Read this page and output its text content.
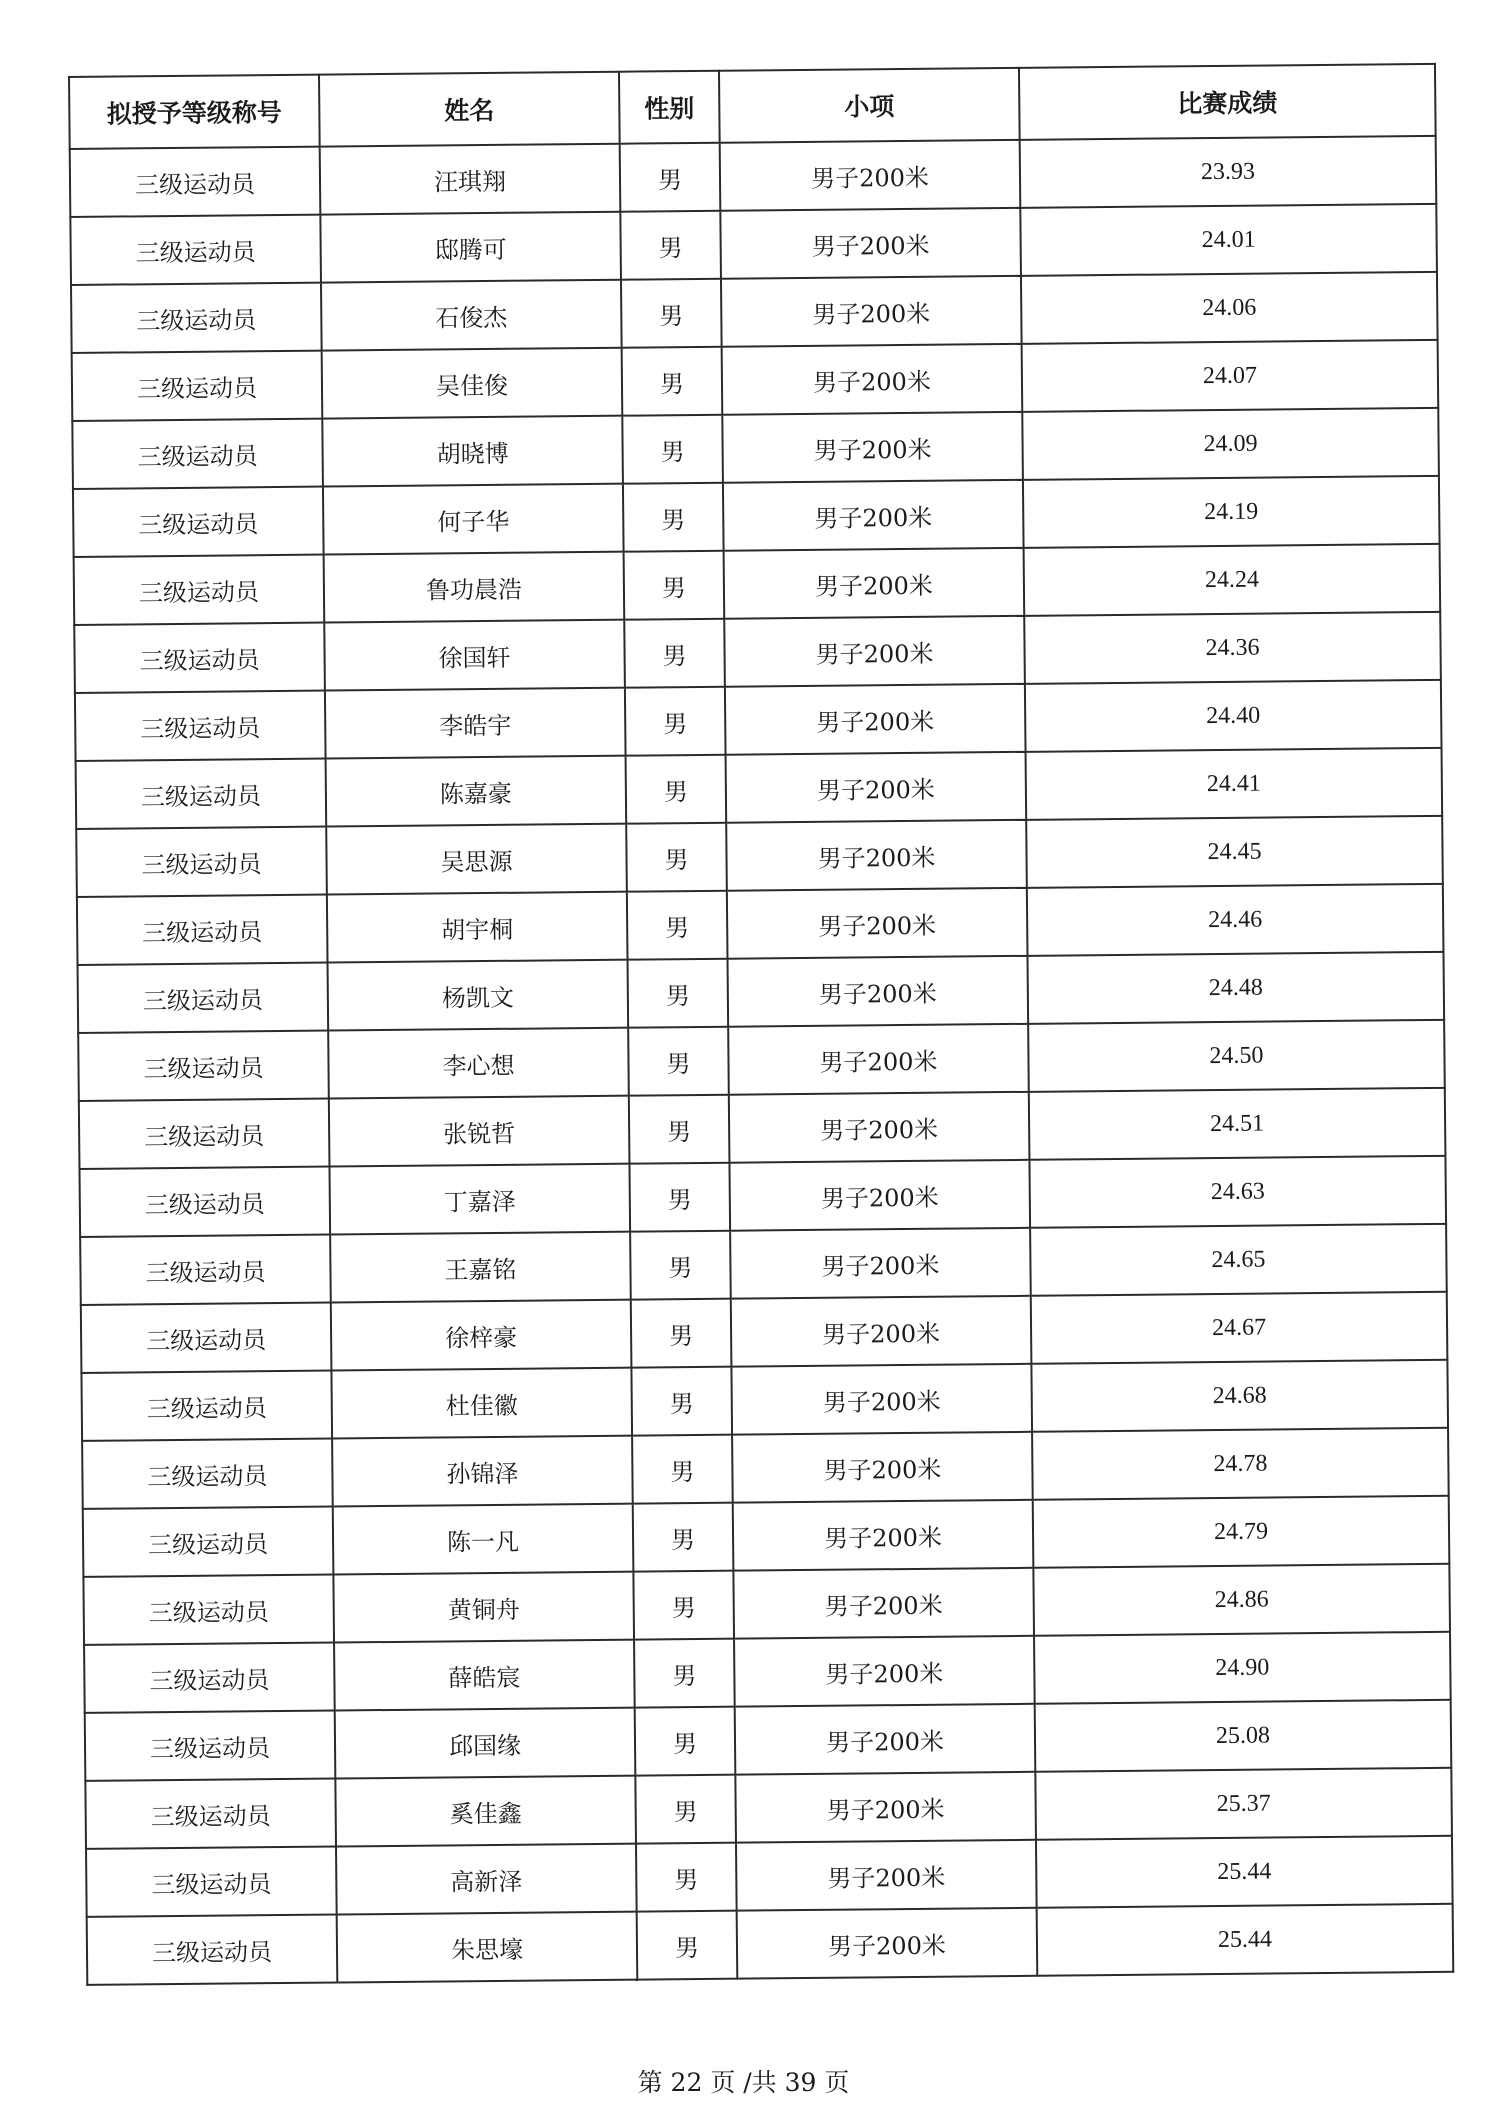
拟授予等级称号	姓名	性别	小项	比赛成绩
三级运动员	汪琪翔	男	男子200米	23.93
三级运动员	邸腾可	男	男子200米	24.01
三级运动员	石俊杰	男	男子200米	24.06
三级运动员	吴佳俊	男	男子200米	24.07
三级运动员	胡晓博	男	男子200米	24.09
三级运动员	何子华	男	男子200米	24.19
三级运动员	鲁功晨浩	男	男子200米	24.24
三级运动员	徐国轩	男	男子200米	24.36
三级运动员	李皓宇	男	男子200米	24.40
三级运动员	陈嘉豪	男	男子200米	24.41
三级运动员	吴思源	男	男子200米	24.45
三级运动员	胡宇桐	男	男子200米	24.46
三级运动员	杨凯文	男	男子200米	24.48
三级运动员	李心想	男	男子200米	24.50
三级运动员	张锐哲	男	男子200米	24.51
三级运动员	丁嘉泽	男	男子200米	24.63
三级运动员	王嘉铭	男	男子200米	24.65
三级运动员	徐梓豪	男	男子200米	24.67
三级运动员	杜佳徽	男	男子200米	24.68
三级运动员	孙锦泽	男	男子200米	24.78
三级运动员	陈一凡	男	男子200米	24.79
三级运动员	黄铜舟	男	男子200米	24.86
三级运动员	薛皓宸	男	男子200米	24.90
三级运动员	邱国缘	男	男子200米	25.08
三级运动员	奚佳鑫	男	男子200米	25.37
三级运动员	高新泽	男	男子200米	25.44
三级运动员	朱思壕	男	男子200米	25.44
第 22 页 /共 39 页
